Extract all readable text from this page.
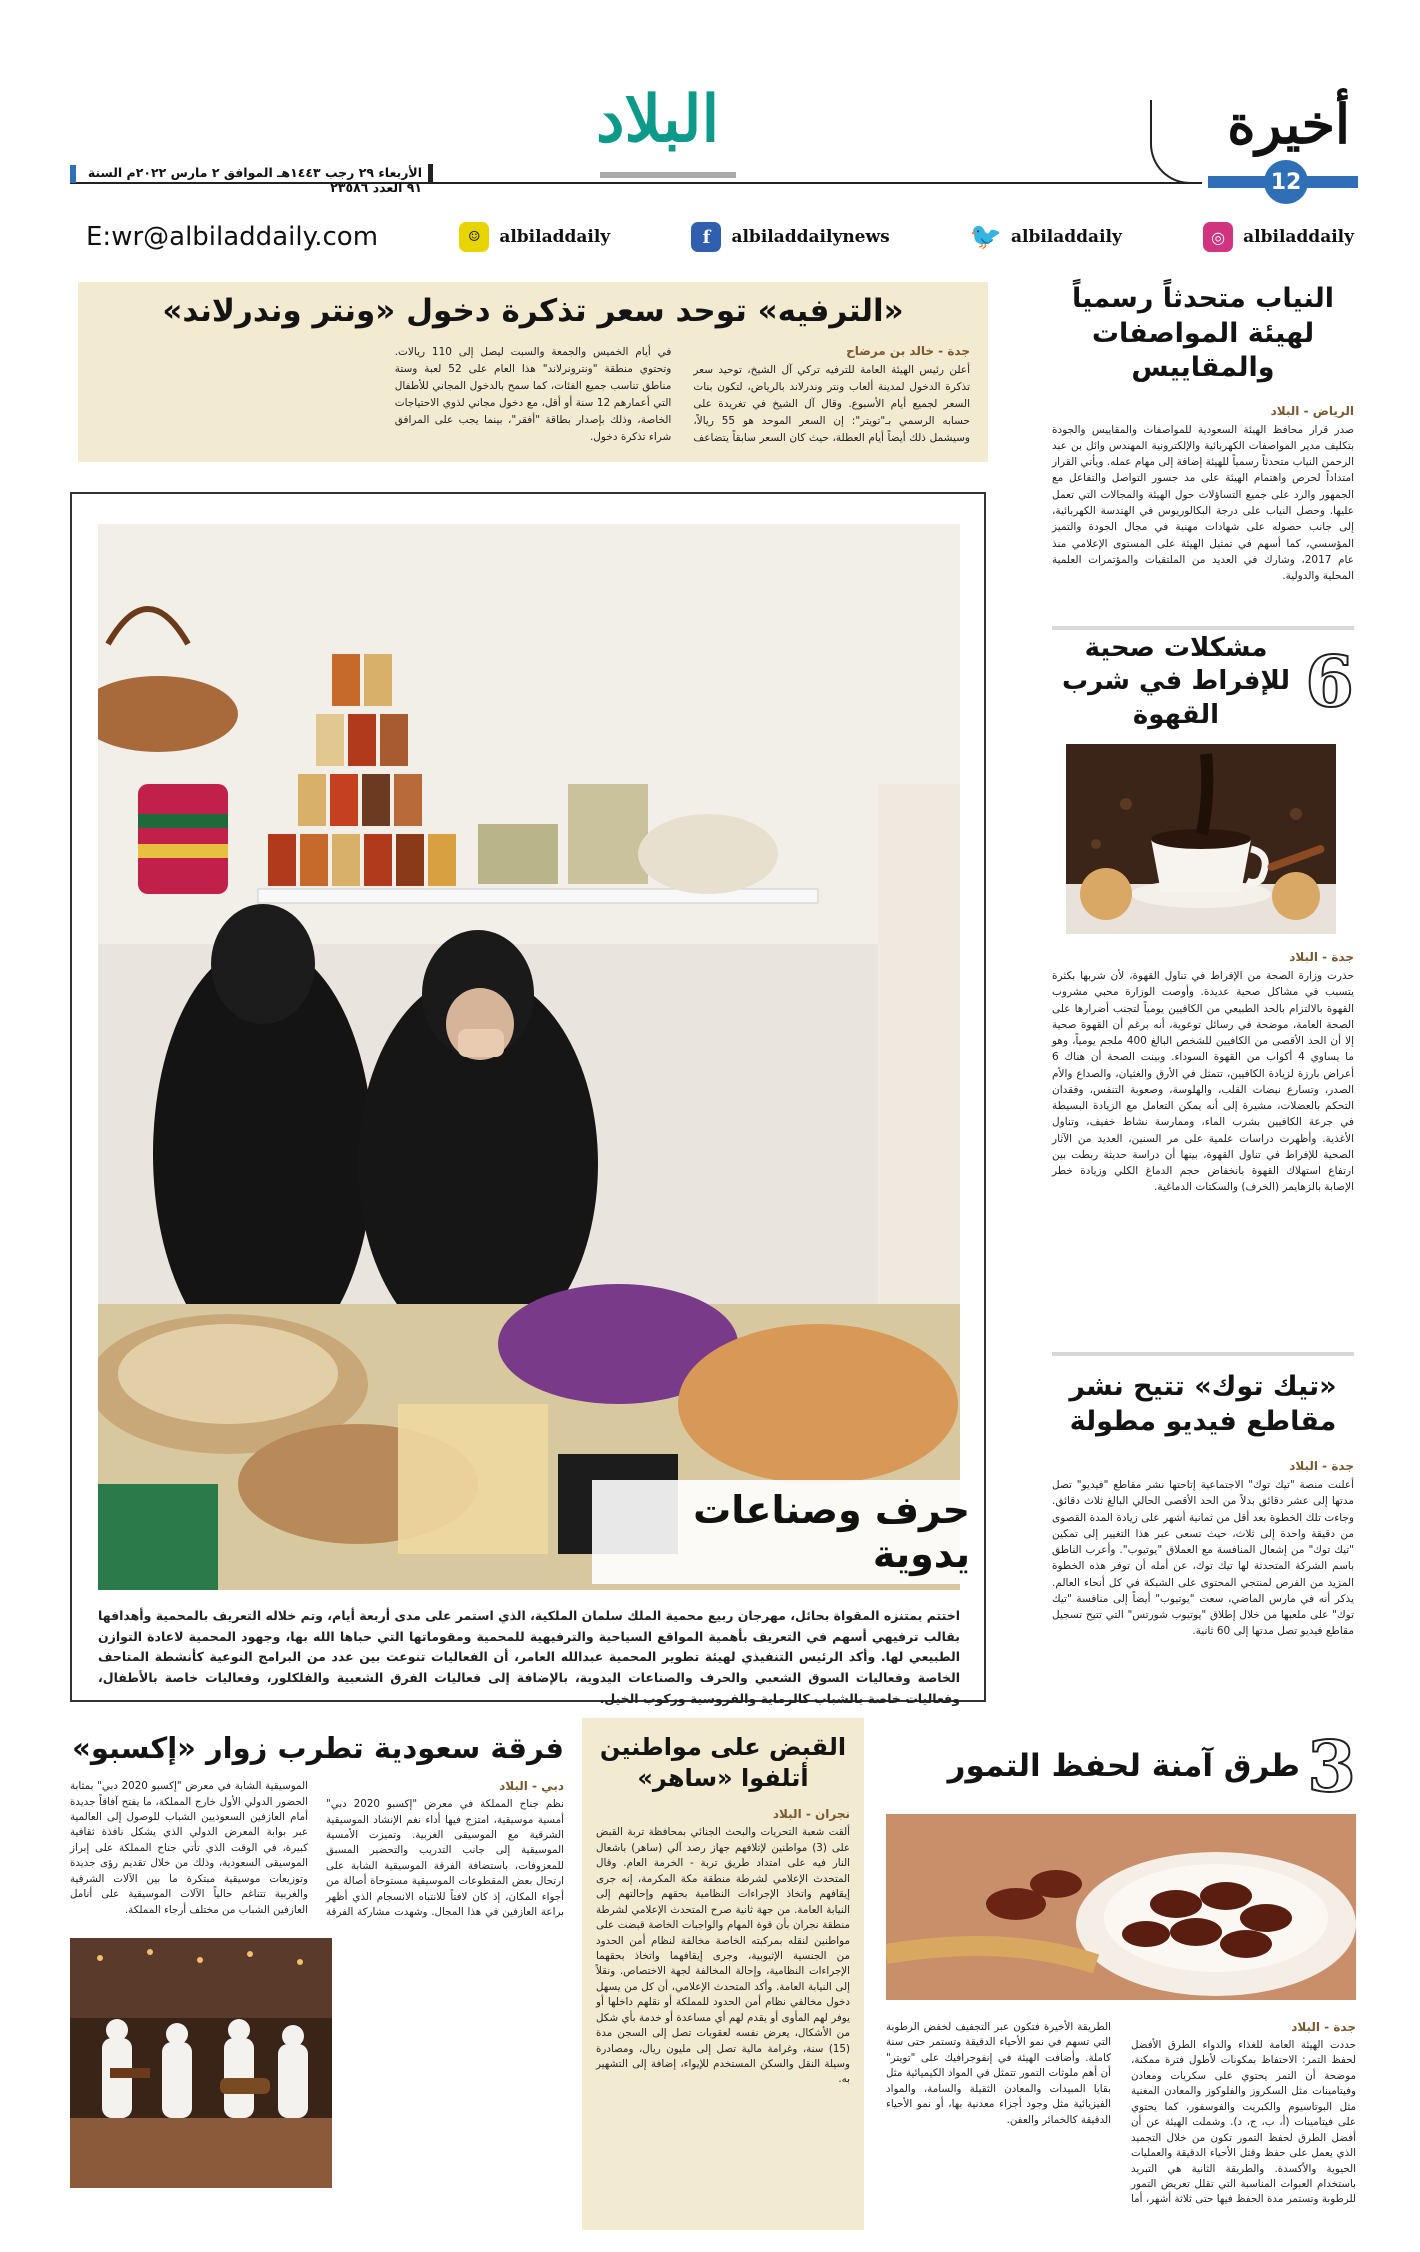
أخيرة
12
البلاد
الأربعاء ٢٩ رجب ١٤٤٣هـ الموافق ٢ مارس ٢٠٢٢م السنة ٩١ العدد ٢٣٥٨٦
E:wr@albiladdaily.com	☺	albiladdaily	f	albiladdailynews	🐦 albiladdaily	◎	albiladdaily
النياب متحدثاً رسمياً لهيئة المواصفات والمقاييس
الرياض - البلاد
صدر قرار محافظ الهيئة السعودية للمواصفات والمقاييس والجودة بتكليف مدير المواصفات الكهربائية والإلكترونية المهندس وائل بن عبد الرحمن النياب متحدثاً رسمياً للهيئة إضافة إلى مهام عمله. ويأتي القرار امتداداً لحرص واهتمام الهيئة على مد جسور التواصل والتفاعل مع الجمهور والرد على جميع التساؤلات حول الهيئة والمجالات التي تعمل عليها. وحصل النياب على درجة البكالوريوس في الهندسة الكهربائية، إلى جانب حصوله على شهادات مهنية في مجال الجودة والتميز المؤسسي، كما أسهم في تمثيل الهيئة على المستوى الإعلامي منذ عام 2017، وشارك في العديد من الملتقيات والمؤتمرات العلمية المحلية والدولية.
6
مشكلات صحية للإفراط في شرب القهوة
جدة - البلاد
حذرت وزارة الصحة من الإفراط في تناول القهوة، لأن شربها بكثرة يتسبب في مشاكل صحية عديدة. وأوصت الوزارة محبي مشروب القهوة بالالتزام بالحد الطبيعي من الكافيين يومياً لتجنب أضرارها على الصحة العامة، موضحة في رسائل توعوية، أنه برغم أن القهوة صحية إلا أن الحد الأقصى من الكافيين للشخص البالغ 400 ملجم يومياً، وهو ما يساوي 4 أكواب من القهوة السوداء. وبينت الصحة أن هناك 6 أعراض بارزة لزيادة الكافيين، تتمثل في الأرق والغثيان، والصداع والأم الصدر، وتسارع نبضات القلب، والهلوسة، وصعوبة التنفس، وفقدان التحكم بالعضلات، مشيرة إلى أنه يمكن التعامل مع الزيادة البسيطة في جرعة الكافيين بشرب الماء، وممارسة نشاط خفيف، وتناول الأغذية. وأظهرت دراسات علمية على مر السنين، العديد من الآثار الصحية للإفراط في تناول القهوة، بينها أن دراسة حديثة ربطت بين ارتفاع استهلاك القهوة بانخفاض حجم الدماغ الكلي وزيادة خطر الإصابة بالزهايمر (الخرف) والسكتات الدماغية.
«تيك توك» تتيح نشر مقاطع فيديو مطولة
جدة - البلاد
أعلنت منصة "تيك توك" الاجتماعية إتاحتها نشر مقاطع "فيديو" تصل مدتها إلى عشر دقائق بدلاً من الحد الأقصى الحالي البالغ ثلاث دقائق. وجاءت تلك الخطوة بعد أقل من ثمانية أشهر على زيادة المدة القصوى من دقيقة واحدة إلى ثلاث، حيث تسعى عبر هذا التغيير إلى تمكين "تيك توك" من إشعال المنافسة مع العملاق "يوتيوب". وأعرب الناطق باسم الشركة المتحدثة لها تيك توك، عن أمله أن توفر هذه الخطوة المزيد من الفرص لمنتجي المحتوى على الشبكة في كل أنحاء العالم. يذكر أنه في مارس الماضي، سعت "يوتيوب" أيضاً إلى منافسة "تيك توك" على ملعبها من خلال إطلاق "يوتيوب شورتس" التي تتيح تسجيل مقاطع فيديو تصل مدتها إلى 60 ثانية.
«الترفيه» توحد سعر تذكرة دخول «ونتر وندرلاند»
جدة - خالد بن مرضاح
أعلن رئيس الهيئة العامة للترفيه تركي آل الشيخ، توحيد سعر تذكرة الدخول لمدينة ألعاب ونتر وندرلاند بالرياض، لتكون بنات السعر لجميع أيام الأسبوع. وقال آل الشيخ في تغريدة على حسابه الرسمي بـ"تويتر": إن السعر الموحد هو 55 ريالاً، وسيشمل ذلك أيضاً أيام العطلة، حيث كان السعر سابقاً يتضاعف في أيام الخميس والجمعة والسبت ليصل إلى 110 ريالات. وتحتوي منطقة "ونترونرلاند" هذا العام على 52 لعبة وستة مناطق تناسب جميع الفئات، كما سمح بالدخول المجاني للأطفال التي أعمارهم 12 سنة أو أقل، مع دخول مجاني لذوي الاحتياجات الخاصة، وذلك بإصدار بطاقة "أفقر"، بينما يجب على المرافق شراء تذكرة دخول.
حرف وصناعات يدوية
اختتم بمتنزه المقواة بحائل، مهرجان ربيع محمية الملك سلمان الملكية، الذي استمر على مدى أربعة أيام، وتم خلاله التعريف بالمحمية وأهدافها بقالب ترفيهي أسهم في التعريف بأهمية المواقع السياحية والترفيهية للمحمية ومقوماتها التي حباها الله بها، وجهود المحمية لاعادة التوازن الطبيعي لها. وأكد الرئيس التنفيذي لهيئة تطوير المحمية عبدالله العامر، أن الفعاليات تنوعت بين عدد من البرامج النوعية كأنشطة المتاحف الخاصة وفعاليات السوق الشعبي والحرف والصناعات اليدوية، بالإضافة إلى فعاليات الفرق الشعبية والفلكلور، وفعاليات خاصة بالأطفال، وفعاليات خاصة بالشباب كالرماية والفروسية وركوب الخيل.
3
طرق آمنة لحفظ التمور
جدة - البلاد
حددت الهيئة العامة للغذاء والدواء الطرق الأفضل لحفظ التمر: الاحتفاظ بمكونات لأطول فترة ممكنة، موضحة أن التمر يحتوي على سكريات ومعادن وفيتامينات مثل السكروز والفلوكوز والمعادن المغنية مثل البوتاسيوم والكبريت والفوسفور، كما يحتوي على فيتامينات (أ، ب، ج، د). وشملت الهيئة عن أن أفضل الطرق لحفظ التمور تكون من خلال التجميد الذي يعمل على حفظ وقتل الأحياء الدقيقة والعمليات الحيوية والأكسدة. والطريقة الثانية هي التبريد باستخدام العبوات المناسبة التي تقلل تعريض التمور للرطوبة وتستمر مدة الحفظ فيها حتى ثلاثة أشهر، أما الطريقة الأخيرة فتكون عبر التجفيف لخفض الرطوبة التي تسهم في نمو الأحياء الدقيقة وتستمر حتى سنة كاملة. وأضافت الهيئة في إنفوجرافيك على "تويتر" أن أهم ملوثات التمور تتمثل في المواد الكيميائية مثل بقايا المبيدات والمعادن الثقيلة والسامة، والمواد الفيزيائية مثل وجود أجزاء معدنية بها، أو نمو الأحياء الدقيقة كالخمائر والعفن.
القبض على مواطنين أتلفوا «ساهر»
نجران - البلاد
ألقت شعبة التحريات والبحث الجنائي بمحافظة تربة القبض على (3) مواطنين لإتلافهم جهاز رصد آلي (ساهر) باشعال النار فيه على امتداد طريق تربة - الخرمة العام. وقال المتحدث الإعلامي لشرطة منطقة مكة المكرمة، إنه جرى إيقافهم واتخاذ الإجراءات النظامية بحقهم وإحالتهم إلى النيابة العامة. من جهة ثانية صرح المتحدث الإعلامي لشرطة منطقة نجران بأن قوة المهام والواجبات الخاصة قبضت على مواطنين لنقله بمركبته الخاصة مخالفة لنظام أمن الحدود من الجنسية الإثيوبية، وجرى إيقافهما واتخاذ بحقهما الإجراءات النظامية، وإحالة المخالفة لجهة الاختصاص. ونقلاً إلى النيابة العامة. وأكد المتحدث الإعلامي، أن كل من يسهل دخول مخالفي نظام أمن الحدود للمملكة أو نقلهم داخلها أو يوفر لهم المأوى أو يقدم لهم أي مساعدة أو خدمة بأي شكل من الأشكال، يعرض نفسه لعقوبات تصل إلى السجن مدة (15) سنة، وغرامة مالية تصل إلى مليون ريال، ومصادرة وسيلة النقل والسكن المستخدم للإيواء، إضافة إلى التشهير به.
فرقة سعودية تطرب زوار «إكسبو»
دبي - البلاد
نظم جناح المملكة في معرض "إكسبو 2020 دبي" أمسية موسيقية، امتزج فيها أداء نغم الإنشاد الموسيقية الشرقية مع الموسيقى الغربية. وتميزت الأمسية الموسيقية إلى جانب التدريب والتحضير المسبق للمعزوفات، باستضافة الفرقة الموسيقية الشابة على ارتحال بعض المقطوعات الموسيقية مستوحاة أصالة من أجواء المكان، إذ كان لافتاً للانتباه الانسجام الذي أظهر براعة العازفين في هذا المجال. وشهدت مشاركة الفرقة الموسيقية الشابة في معرض "إكسبو 2020 دبي" بمثابة الحضور الدولي الأول خارج المملكة، ما يفتح آفاقاً جديدة أمام العازفين السعوديين الشباب للوصول إلى العالمية عبر بوابة المعرض الدولي الذي يشكل نافذة ثقافية كبيرة، في الوقت الذي تأتي جناح المملكة على إبراز الموسيقى السعودية، وذلك من خلال تقديم رؤى جديدة وتوزيعات موسيقية مبتكرة ما بين الآلات الشرقية والغربية تتناغم حالياً الآلات الموسيقية على أنامل العازفين الشباب من مختلف أرجاء المملكة.
